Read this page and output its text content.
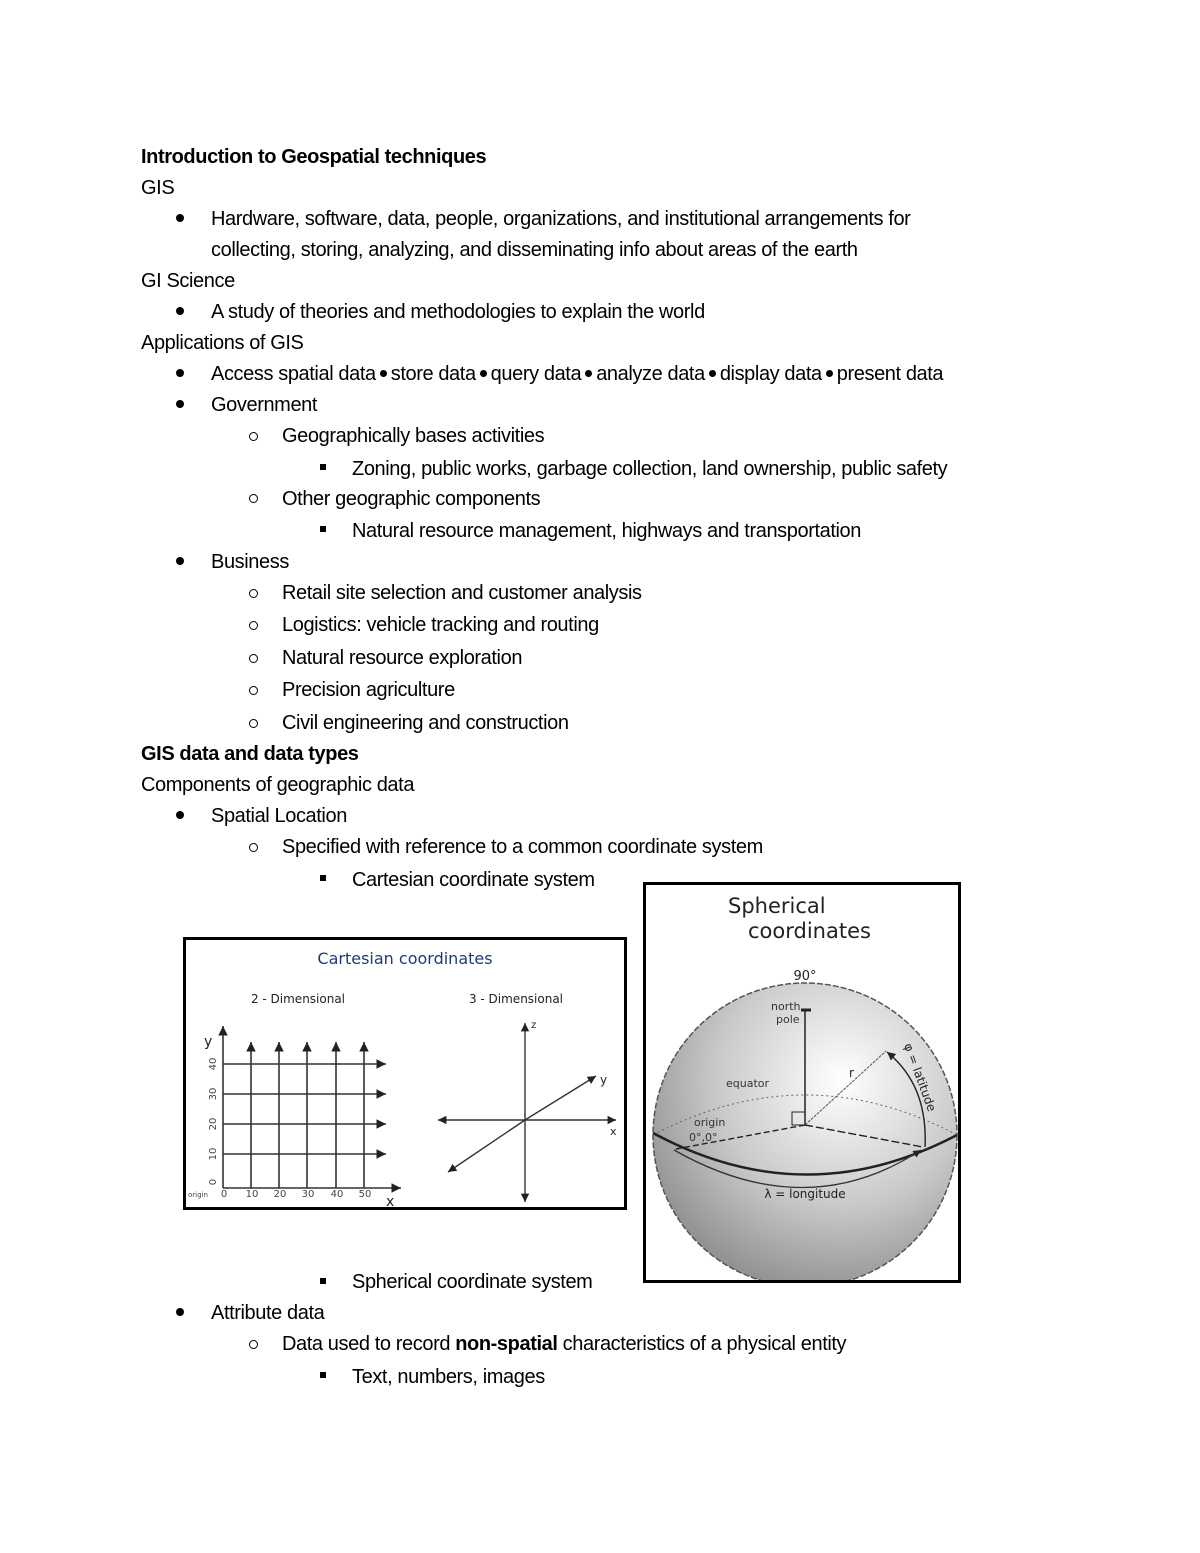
Introduction to Geospatial techniques
GIS
Hardware, software, data, people, organizations, and institutional arrangements for
collecting, storing, analyzing, and disseminating info about areas of the earth
GI Science
A study of theories and methodologies to explain the world
Applications of GIS
Access spatial data store data query data analyze data display data present data
Government
Geographically bases activities
Zoning, public works, garbage collection, land ownership, public safety
Other geographic components
Natural resource management, highways and transportation
Business
Retail site selection and customer analysis
Logistics: vehicle tracking and routing
Natural resource exploration
Precision agriculture
Civil engineering and construction
GIS data and data types
Components of geographic data
Spatial Location
Specified with reference to a common coordinate system
Cartesian coordinate system
Cartesian coordinates
2 - Dimensional	3 - Dimensional
y
x
origin 0 10 20 30 40 50
0
10
20
30
40
z
y
x
Spherical
coordinates
90°
north
pole
r	φ = latitude
equator
origin
0°,0°
λ = longitude
Spherical coordinate system
Attribute data
Data used to record non-spatial characteristics of a physical entity
Text, numbers, images
